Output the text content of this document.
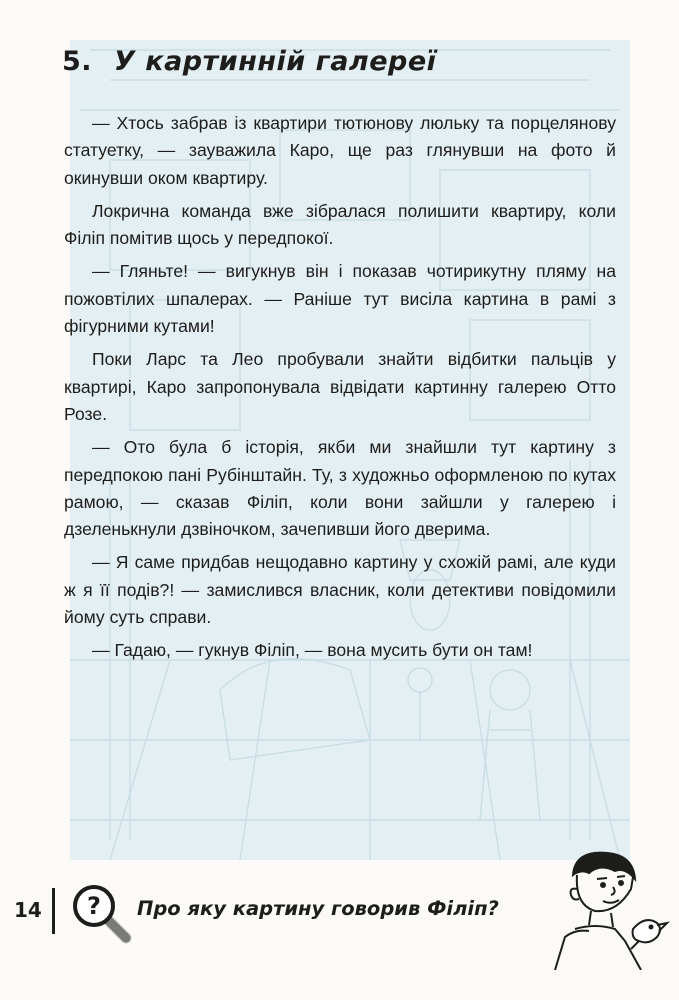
5. У картинній галереї

— Хтось забрав із квартири тютюнову люльку та порцелянову статуетку, — зауважила Каро, ще раз глянувши на фото й окинувши оком квартиру.

Локрична команда вже зібралася полишити квартиру, коли Філіп помітив щось у передпокої.

— Гляньте! — вигукнув він і показав чотирикутну пляму на пожовтілих шпалерах. — Раніше тут висіла картина в рамі з фігурними кутами!

Поки Ларс та Лео пробували знайти відбитки пальців у квартирі, Каро запропонувала відвідати картинну галерею Отто Розе.

— Ото була б історія, якби ми знайшли тут картину з передпокою пані Рубінштайн. Ту, з художньо оформленою по кутах рамою, — сказав Філіп, коли вони зайшли у галерею і дзеленькнули дзвіночком, зачепивши його дверима.

— Я саме придбав нещодавно картину у схожій рамі, але куди ж я її подів?! — замислився власник, коли детективи повідомили йому суть справи.

— Гадаю, — гукнув Філіп, — вона мусить бути он там!

14 ? Про яку картину говорив Філіп?
